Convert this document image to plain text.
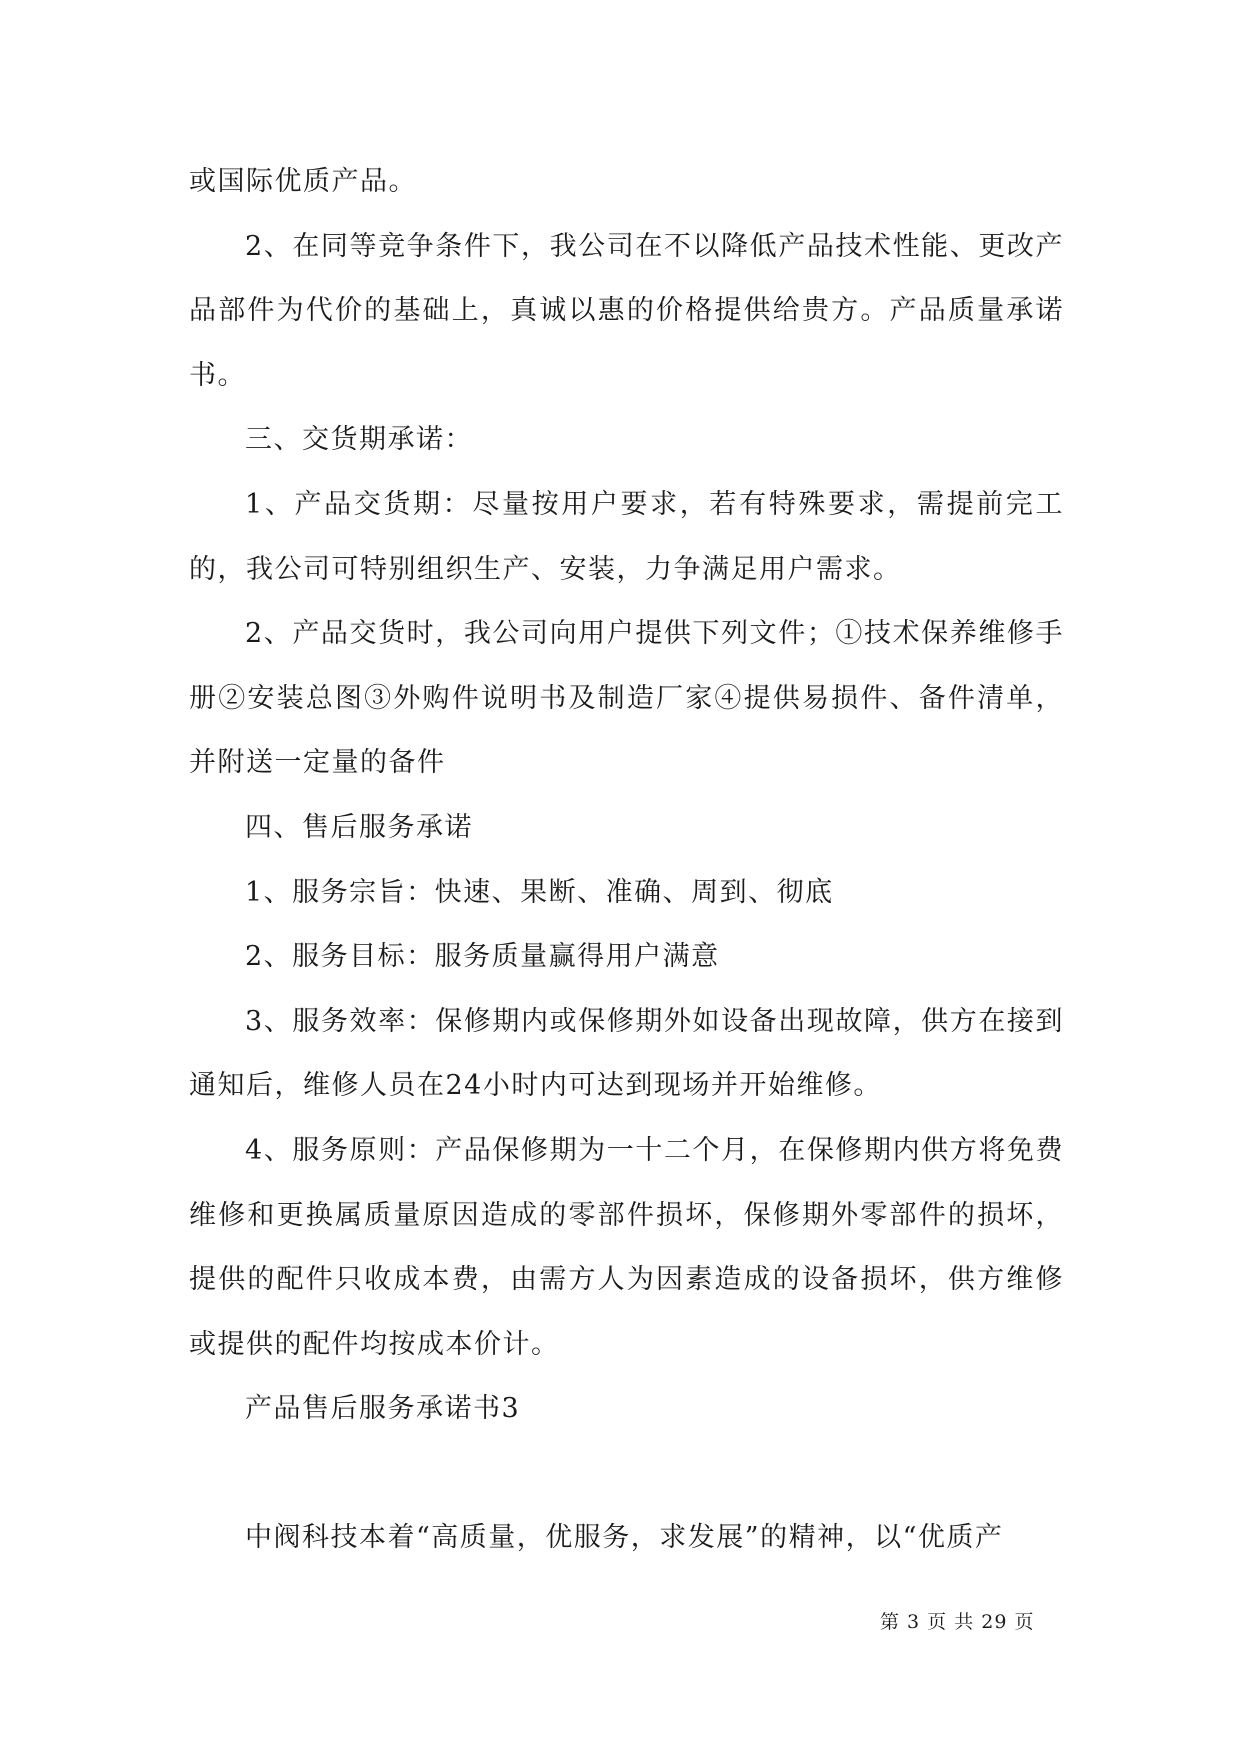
或国际优质产品。

2、在同等竞争条件下，我公司在不以降低产品技术性能、更改产品部件为代价的基础上，真诚以惠的价格提供给贵方。产品质量承诺书。

三、交货期承诺：

1、产品交货期：尽量按用户要求，若有特殊要求，需提前完工的，我公司可特别组织生产、安装，力争满足用户需求。

2、产品交货时，我公司向用户提供下列文件；①技术保养维修手册②安装总图③外购件说明书及制造厂家④提供易损件、备件清单，并附送一定量的备件

四、售后服务承诺

1、服务宗旨：快速、果断、准确、周到、彻底

2、服务目标：服务质量赢得用户满意

3、服务效率：保修期内或保修期外如设备出现故障，供方在接到通知后，维修人员在24小时内可达到现场并开始维修。

4、服务原则：产品保修期为一十二个月，在保修期内供方将免费维修和更换属质量原因造成的零部件损坏，保修期外零部件的损坏，提供的配件只收成本费，由需方人为因素造成的设备损坏，供方维修或提供的配件均按成本价计。

产品售后服务承诺书3

中阀科技本着“高质量，优服务，求发展”的精神，以“优质产

第 3 页 共 29 页
